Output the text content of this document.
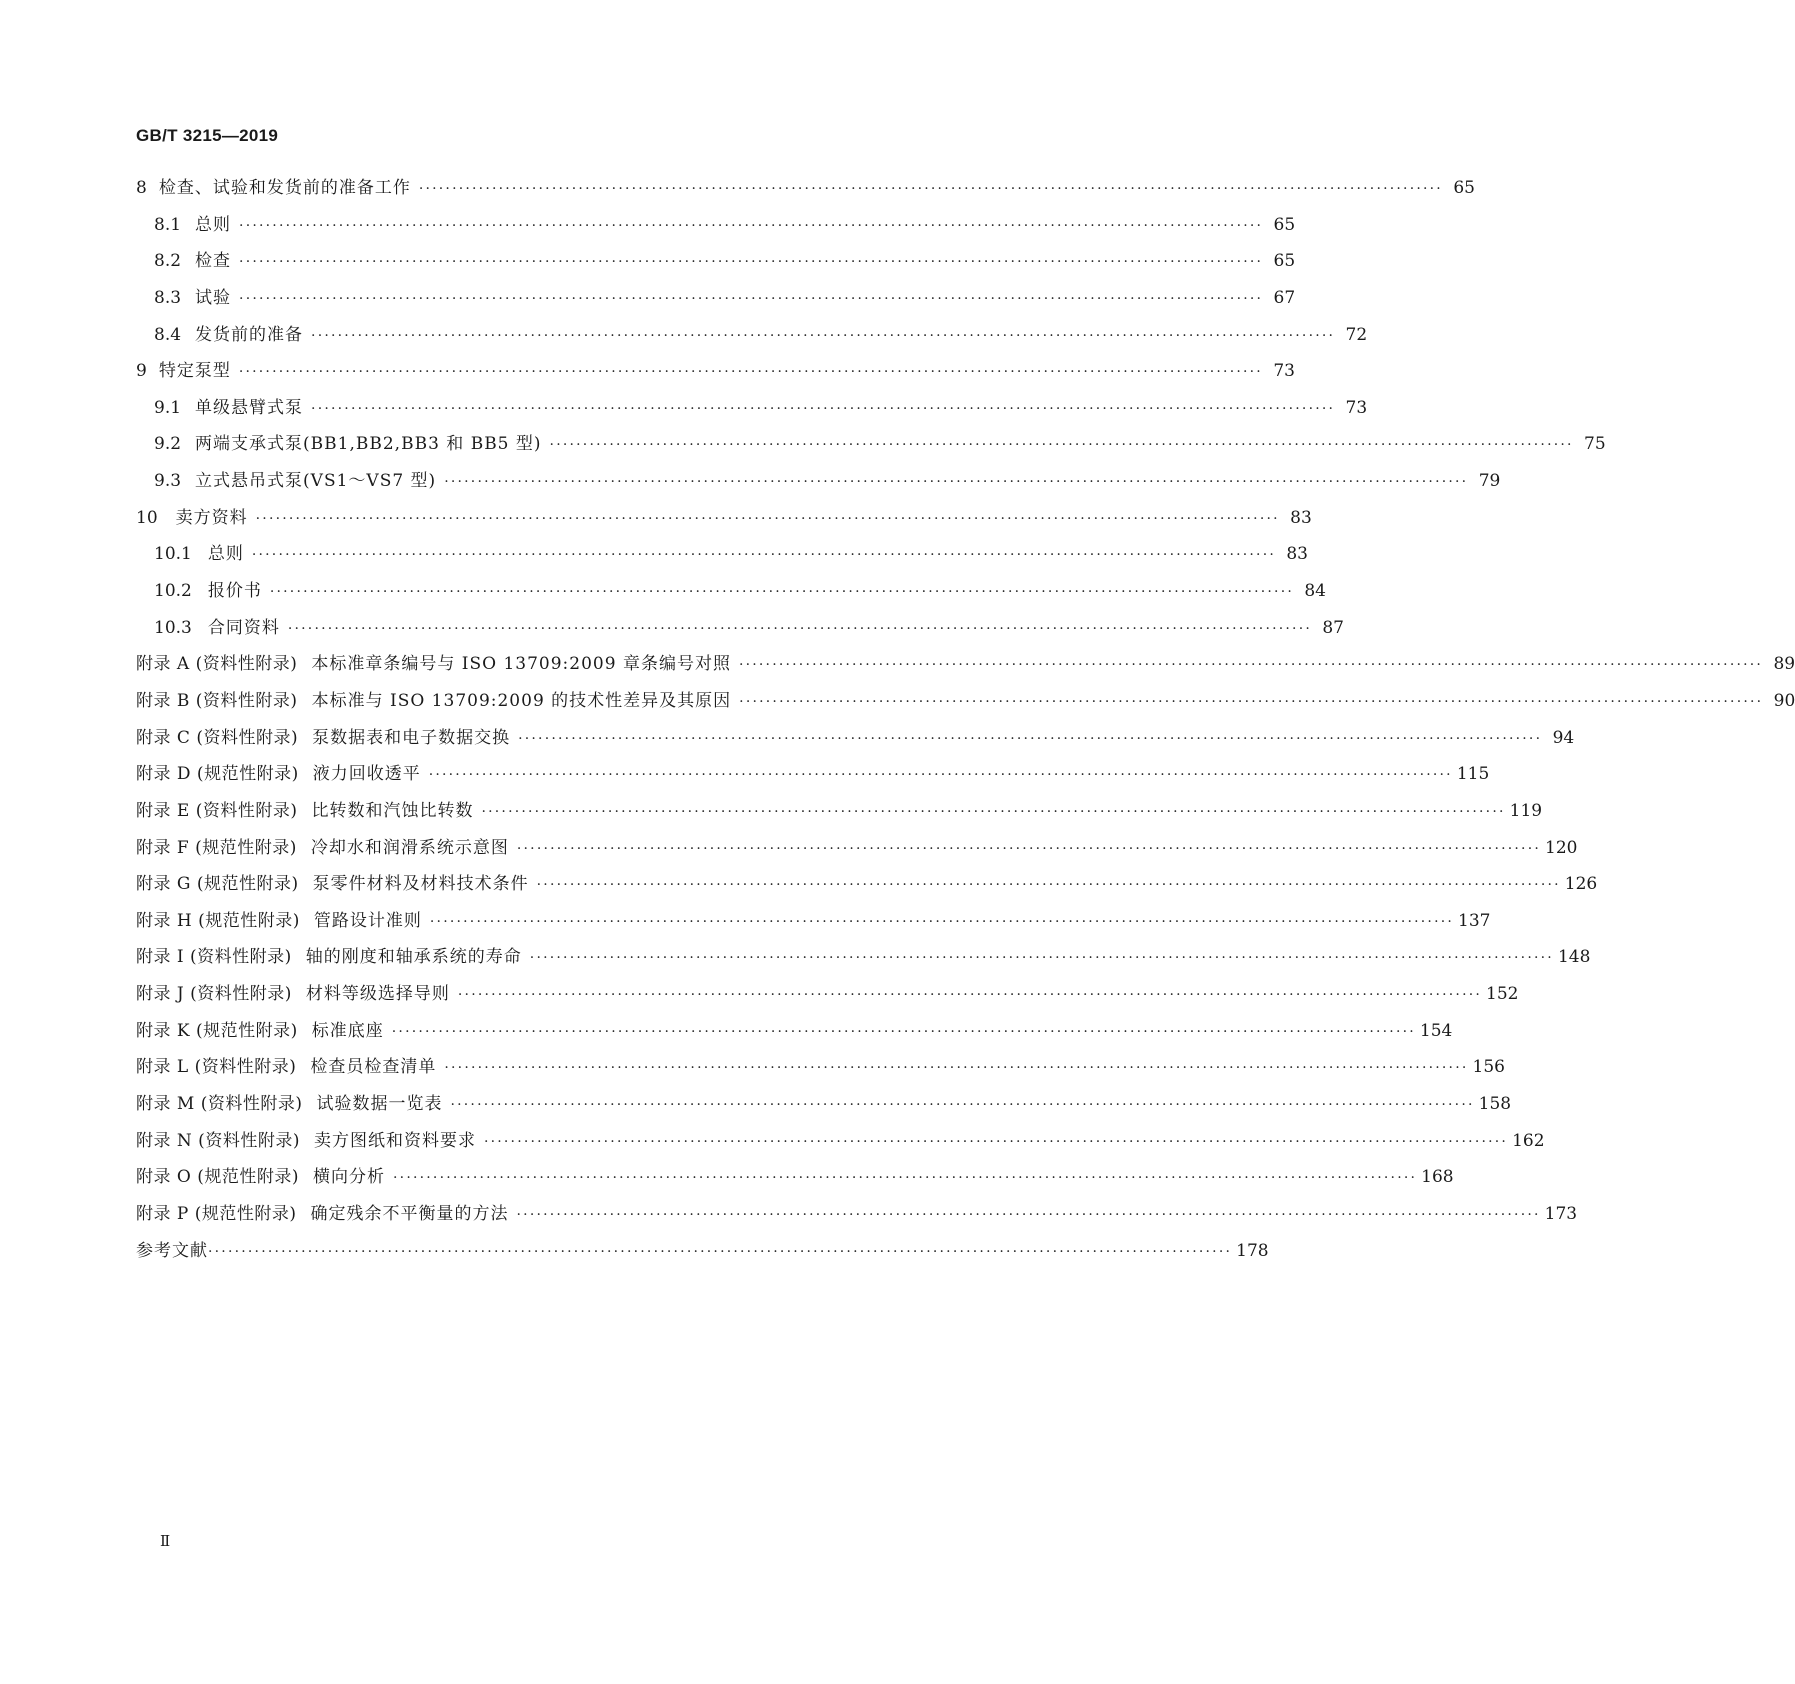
GB/T 3215—2019
8 检查、试验和发货前的准备工作 ·························································································································································· 65
8.1 总则 ·························································································································································· 65
8.2 检查 ·························································································································································· 65
8.3 试验 ·························································································································································· 67
8.4 发货前的准备 ·························································································································································· 72
9 特定泵型 ·························································································································································· 73
9.1 单级悬臂式泵 ·························································································································································· 73
9.2 两端支承式泵(BB1,BB2,BB3 和 BB5 型) ·························································································································································· 75
9.3 立式悬吊式泵(VS1～VS7 型) ·························································································································································· 79
10 卖方资料 ·························································································································································· 83
10.1 总则 ·························································································································································· 83
10.2 报价书 ·························································································································································· 84
10.3 合同资料 ·························································································································································· 87
附录 A (资料性附录) 本标准章条编号与 ISO 13709:2009 章条编号对照 ·························································································································································· 89
附录 B (资料性附录) 本标准与 ISO 13709:2009 的技术性差异及其原因 ·························································································································································· 90
附录 C (资料性附录) 泵数据表和电子数据交换 ·························································································································································· 94
附录 D (规范性附录) 液力回收透平 ·························································································································································· 115
附录 E (资料性附录) 比转数和汽蚀比转数 ·························································································································································· 119
附录 F (规范性附录) 冷却水和润滑系统示意图 ·························································································································································· 120
附录 G (规范性附录) 泵零件材料及材料技术条件 ·························································································································································· 126
附录 H (规范性附录) 管路设计准则 ·························································································································································· 137
附录 I (资料性附录) 轴的刚度和轴承系统的寿命 ·························································································································································· 148
附录 J (资料性附录) 材料等级选择导则 ·························································································································································· 152
附录 K (规范性附录) 标准底座 ·························································································································································· 154
附录 L (资料性附录) 检查员检查清单 ·························································································································································· 156
附录 M (资料性附录) 试验数据一览表 ·························································································································································· 158
附录 N (资料性附录) 卖方图纸和资料要求 ·························································································································································· 162
附录 O (规范性附录) 横向分析 ·························································································································································· 168
附录 P (规范性附录) 确定残余不平衡量的方法 ·························································································································································· 173
参考文献 ·························································································································································· 178
Ⅱ
